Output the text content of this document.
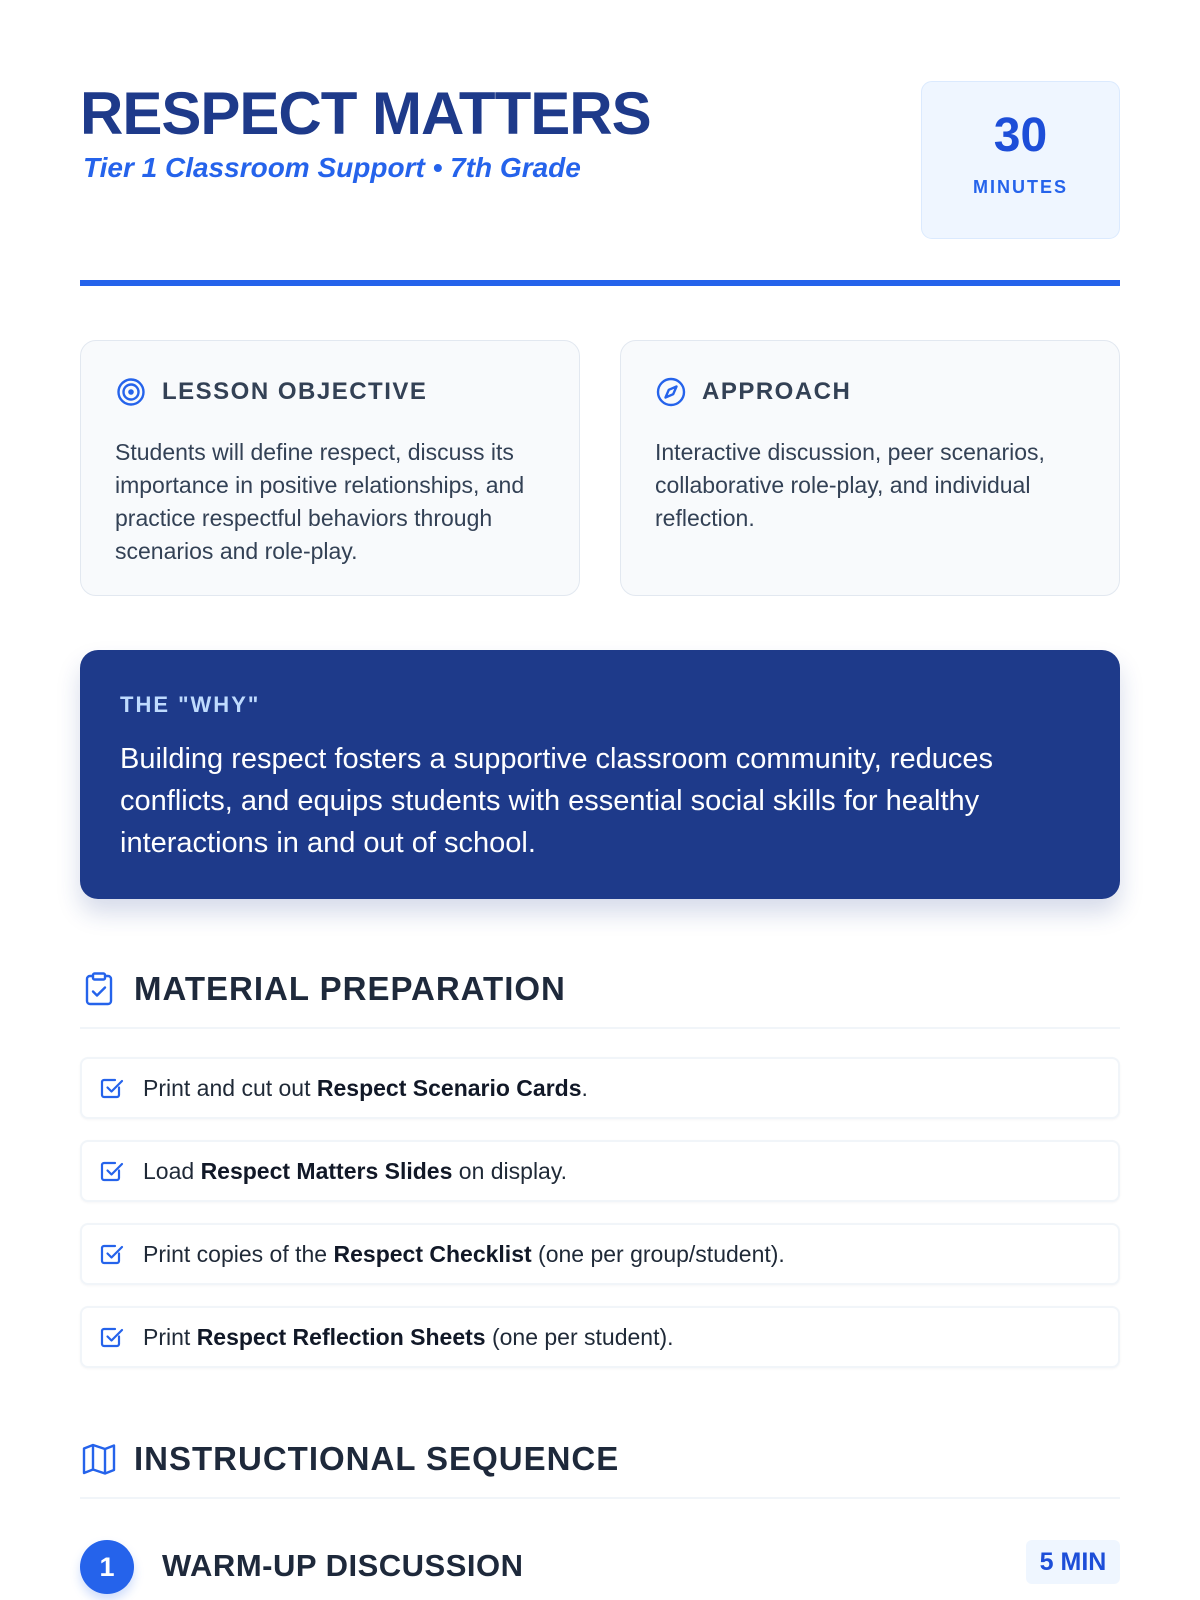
RESPECT MATTERS

Tier 1 Classroom Support • 7th Grade

30
MINUTES
LESSON OBJECTIVE

Students will define respect, discuss its importance in positive relationships, and practice respectful behaviors through scenarios and role-play.

APPROACH

Interactive discussion, peer scenarios, collaborative role-play, and individual reflection.

THE "WHY"

Building respect fosters a supportive classroom community, reduces conflicts, and equips students with essential social skills for healthy interactions in and out of school.

MATERIAL PREPARATION
Print and cut out Respect Scenario Cards.
Load Respect Matters Slides on display.
Print copies of the Respect Checklist (one per group/student).
Print Respect Reflection Sheets (one per student).
INSTRUCTIONAL SEQUENCE
1	WARM-UP DISCUSSION	5 MIN
